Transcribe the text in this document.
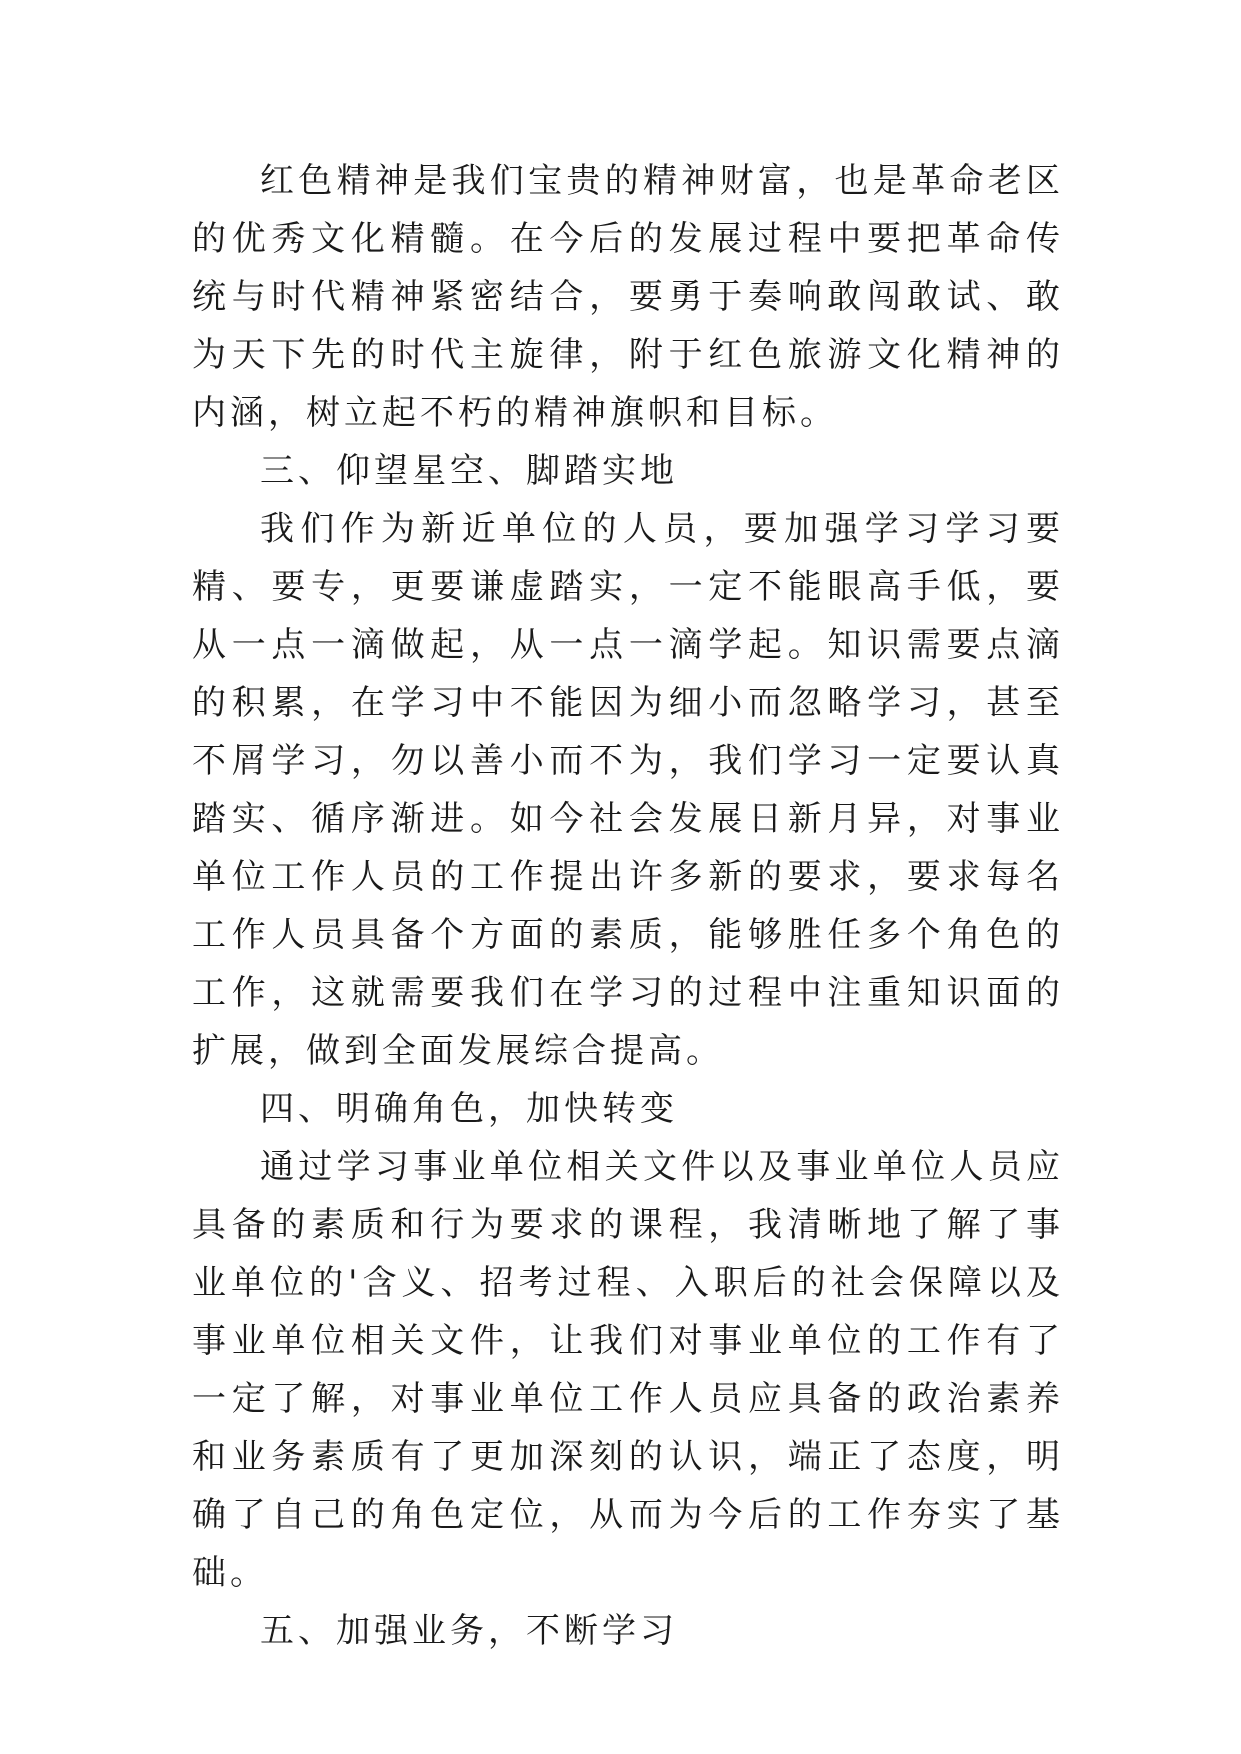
红色精神是我们宝贵的精神财富，也是革命老区的优秀文化精髓。在今后的发展过程中要把革命传统与时代精神紧密结合，要勇于奏响敢闯敢试、敢为天下先的时代主旋律，附于红色旅游文化精神的内涵，树立起不朽的精神旗帜和目标。

三、仰望星空、脚踏实地

我们作为新近单位的人员，要加强学习学习要精、要专，更要谦虚踏实，一定不能眼高手低，要从一点一滴做起，从一点一滴学起。知识需要点滴的积累，在学习中不能因为细小而忽略学习，甚至不屑学习，勿以善小而不为，我们学习一定要认真踏实、循序渐进。如今社会发展日新月异，对事业单位工作人员的工作提出许多新的要求，要求每名工作人员具备个方面的素质，能够胜任多个角色的工作，这就需要我们在学习的过程中注重知识面的扩展，做到全面发展综合提高。

四、明确角色，加快转变

通过学习事业单位相关文件以及事业单位人员应具备的素质和行为要求的课程，我清晰地了解了事业单位的'含义、招考过程、入职后的社会保障以及事业单位相关文件，让我们对事业单位的工作有了一定了解，对事业单位工作人员应具备的政治素养和业务素质有了更加深刻的认识，端正了态度，明确了自己的角色定位，从而为今后的工作夯实了基础。

五、加强业务，不断学习
